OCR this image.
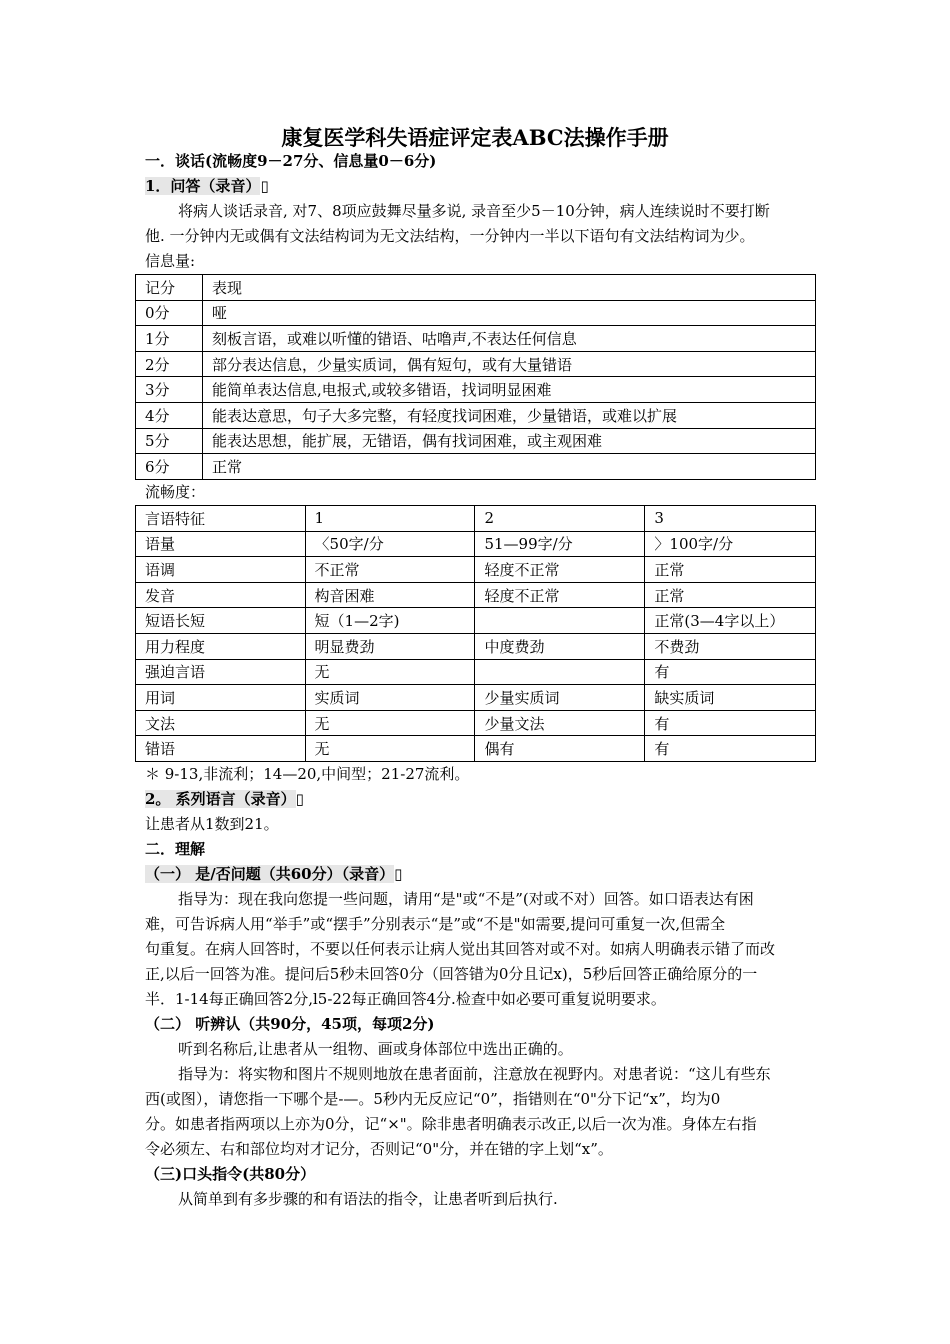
康复医学科失语症评定表ABC法操作手册
一．谈话(流畅度9－27分、信息量0－6分)
1．问答（录音）▯
将病人谈话录音, 对7、8项应鼓舞尽量多说, 录音至少5－10分钟，病人连续说时不要打断
他. 一分钟内无或偶有文法结构词为无文法结构，一分钟内一半以下语句有文法结构词为少。
信息量:
记分	表现
0分	哑
1分	刻板言语，或难以听懂的错语、咕噜声,不表达任何信息
2分	部分表达信息，少量实质词，偶有短句，或有大量错语
3分	能简单表达信息,电报式,或较多错语，找词明显困难
4分	能表达意思，句子大多完整，有轻度找词困难，少量错语，或难以扩展
5分	能表达思想，能扩展，无错语，偶有找词困难，或主观困难
6分	正常
流畅度：
言语特征	1	2	3
语量	〈50字/分	51—99字/分	〉100字/分
语调	不正常	轻度不正常	正常
发音	构音困难	轻度不正常	正常
短语长短	短（1—2字)		正常(3—4字以上）
用力程度	明显费劲	中度费劲	不费劲
强迫言语	无		有
用词	实质词	少量实质词	缺实质词
文法	无	少量文法	有
错语	无	偶有	有
＊ 9-13,非流利；14—20,中间型；21-27流利。
2。 系列语言（录音）▯
让患者从1数到21。
二．理解
（一） 是/否问题（共60分）（录音）▯
指导为：现在我向您提一些问题，请用“是"或“不是”(对或不对）回答。如口语表达有困
难，可告诉病人用“举手”或“摆手”分别表示“是”或“不是"如需要,提问可重复一次,但需全
句重复。在病人回答时，不要以任何表示让病人觉出其回答对或不对。如病人明确表示错了而改
正,以后一回答为准。提问后5秒未回答0分（回答错为0分且记x)，5秒后回答正确给原分的一
半．1-14每正确回答2分,l5-22每正确回答4分.检查中如必要可重复说明要求。
（二） 听辨认（共90分，45项，每项2分)
听到名称后,让患者从一组物、画或身体部位中选出正确的。
指导为：将实物和图片不规则地放在患者面前，注意放在视野内。对患者说：“这儿有些东
西(或图），请您指一下哪个是-—。5秒内无反应记“0”，指错则在“0"分下记“x”，均为0
分。如患者指两项以上亦为0分，记“×"。除非患者明确表示改正,以后一次为准。身体左右指
令必须左、右和部位均对才记分，否则记“0"分，并在错的字上划“x”。
（三)口头指令(共80分）
从简单到有多步骤的和有语法的指令，让患者听到后执行.
